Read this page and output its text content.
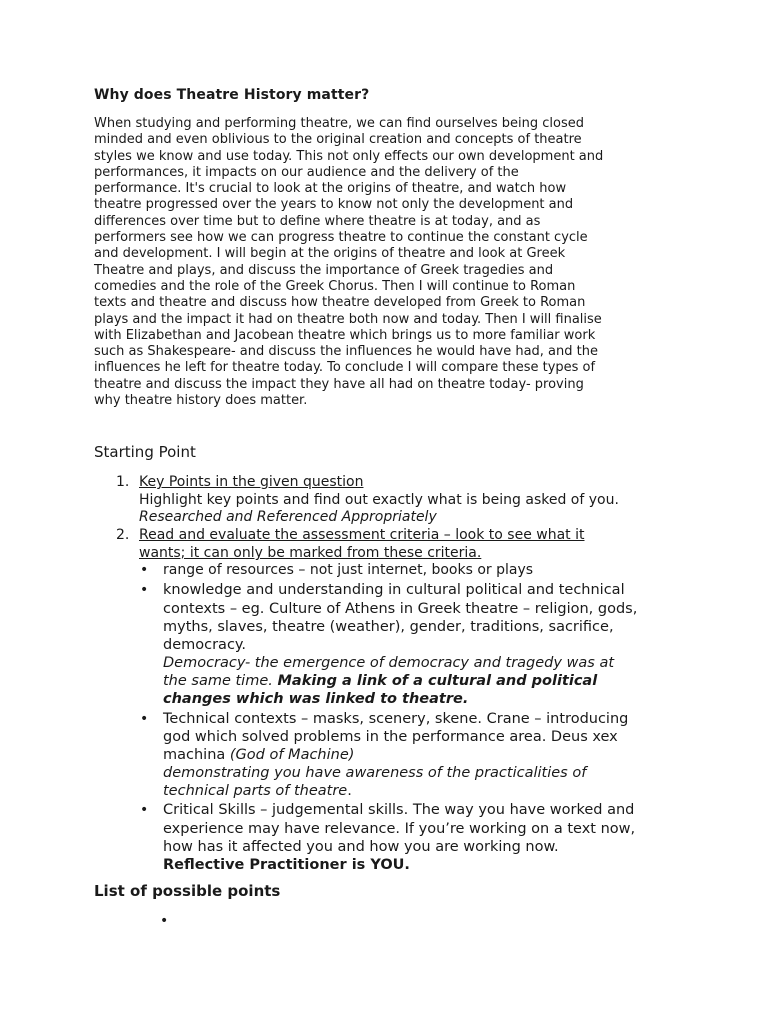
Why does Theatre History matter?
When studying and performing theatre, we can find ourselves being closed
minded and even oblivious to the original creation and concepts of theatre
styles we know and use today. This not only effects our own development and
performances, it impacts on our audience and the delivery of the
performance. It's crucial to look at the origins of theatre, and watch how
theatre progressed over the years to know not only the development and
differences over time but to define where theatre is at today, and as
performers see how we can progress theatre to continue the constant cycle
and development. I will begin at the origins of theatre and look at Greek
Theatre and plays, and discuss the importance of Greek tragedies and
comedies and the role of the Greek Chorus. Then I will continue to Roman
texts and theatre and discuss how theatre developed from Greek to Roman
plays and the impact it had on theatre both now and today. Then I will finalise
with Elizabethan and Jacobean theatre which brings us to more familiar work
such as Shakespeare- and discuss the influences he would have had, and the
influences he left for theatre today. To conclude I will compare these types of
theatre and discuss the impact they have all had on theatre today- proving
why theatre history does matter.
Starting Point
1. Key Points in the given question
Highlight key points and find out exactly what is being asked of you.
Researched and Referenced Appropriately
2. Read and evaluate the assessment criteria – look to see what it
wants; it can only be marked from these criteria.
• range of resources – not just internet, books or plays
• knowledge and understanding in cultural political and technical
contexts – eg. Culture of Athens in Greek theatre – religion, gods,
myths, slaves, theatre (weather), gender, traditions, sacrifice,
democracy.
Democracy- the emergence of democracy and tragedy was at
the same time. Making a link of a cultural and political
changes which was linked to theatre.
• Technical contexts – masks, scenery, skene. Crane – introducing
god which solved problems in the performance area. Deus xex
machina (God of Machine)
demonstrating you have awareness of the practicalities of
technical parts of theatre.
• Critical Skills – judgemental skills. The way you have worked and
experience may have relevance. If you’re working on a text now,
how has it affected you and how you are working now.
Reflective Practitioner is YOU.
List of possible points
•
